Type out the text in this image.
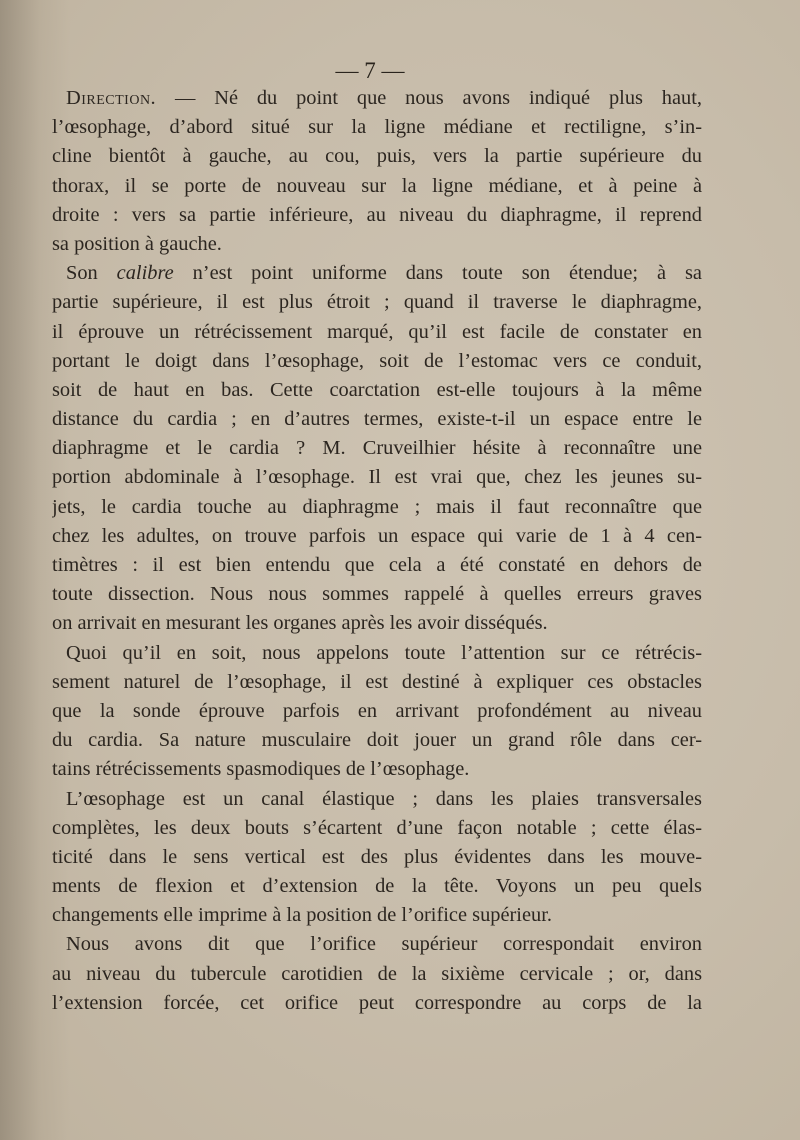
— 7 —
Direction. — Né du point que nous avons indiqué plus haut,
l’œsophage, d’abord situé sur la ligne médiane et rectiligne, s’in-
cline bientôt à gauche, au cou, puis, vers la partie supérieure du
thorax, il se porte de nouveau sur la ligne médiane, et à peine à
droite : vers sa partie inférieure, au niveau du diaphragme, il reprend
sa position à gauche.
Son calibre n’est point uniforme dans toute son étendue; à sa
partie supérieure, il est plus étroit ; quand il traverse le diaphragme,
il éprouve un rétrécissement marqué, qu’il est facile de constater en
portant le doigt dans l’œsophage, soit de l’estomac vers ce conduit,
soit de haut en bas. Cette coarctation est-elle toujours à la même
distance du cardia ; en d’autres termes, existe-t-il un espace entre le
diaphragme et le cardia ? M. Cruveilhier hésite à reconnaître une
portion abdominale à l’œsophage. Il est vrai que, chez les jeunes su-
jets, le cardia touche au diaphragme ; mais il faut reconnaître que
chez les adultes, on trouve parfois un espace qui varie de 1 à 4 cen-
timètres : il est bien entendu que cela a été constaté en dehors de
toute dissection. Nous nous sommes rappelé à quelles erreurs graves
on arrivait en mesurant les organes après les avoir disséqués.
Quoi qu’il en soit, nous appelons toute l’attention sur ce rétrécis-
sement naturel de l’œsophage, il est destiné à expliquer ces obstacles
que la sonde éprouve parfois en arrivant profondément au niveau
du cardia. Sa nature musculaire doit jouer un grand rôle dans cer-
tains rétrécissements spasmodiques de l’œsophage.
L’œsophage est un canal élastique ; dans les plaies transversales
complètes, les deux bouts s’écartent d’une façon notable ; cette élas-
ticité dans le sens vertical est des plus évidentes dans les mouve-
ments de flexion et d’extension de la tête. Voyons un peu quels
changements elle imprime à la position de l’orifice supérieur.
Nous avons dit que l’orifice supérieur correspondait environ
au niveau du tubercule carotidien de la sixième cervicale ; or, dans
l’extension forcée, cet orifice peut correspondre au corps de la
